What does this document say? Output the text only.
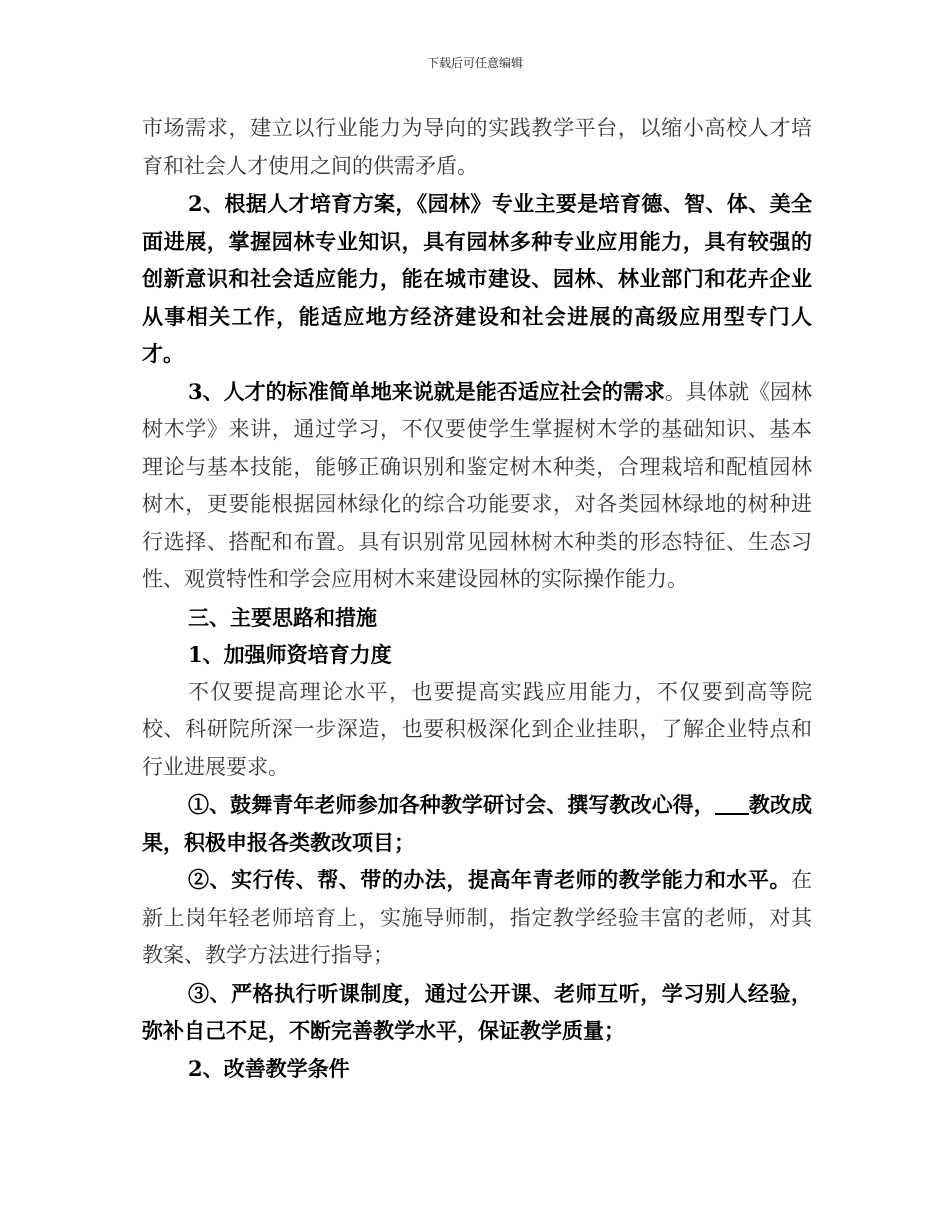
下载后可任意编辑

市场需求，建立以行业能力为导向的实践教学平台，以缩小高校人才培育和社会人才使用之间的供需矛盾。

2、根据人才培育方案，《园林》专业主要是培育德、智、体、美全面进展，掌握园林专业知识，具有园林多种专业应用能力，具有较强的创新意识和社会适应能力，能在城市建设、园林、林业部门和花卉企业从事相关工作，能适应地方经济建设和社会进展的高级应用型专门人才。

3、人才的标准简单地来说就是能否适应社会的需求。具体就《园林树木学》来讲，通过学习，不仅要使学生掌握树木学的基础知识、基本理论与基本技能，能够正确识别和鉴定树木种类，合理栽培和配植园林树木，更要能根据园林绿化的综合功能要求，对各类园林绿地的树种进行选择、搭配和布置。具有识别常见园林树木种类的形态特征、生态习性、观赏特性和学会应用树木来建设园林的实际操作能力。

三、主要思路和措施

1、加强师资培育力度

不仅要提高理论水平，也要提高实践应用能力，不仅要到高等院校、科研院所深一步深造，也要积极深化到企业挂职，了解企业特点和行业进展要求。

①、鼓舞青年老师参加各种教学研讨会、撰写教改心得， 教改成果，积极申报各类教改项目；

②、实行传、帮、带的办法，提高年青老师的教学能力和水平。在新上岗年轻老师培育上，实施导师制，指定教学经验丰富的老师，对其教案、教学方法进行指导；

③、严格执行听课制度，通过公开课、老师互听，学习别人经验，弥补自己不足，不断完善教学水平，保证教学质量；

2、改善教学条件
